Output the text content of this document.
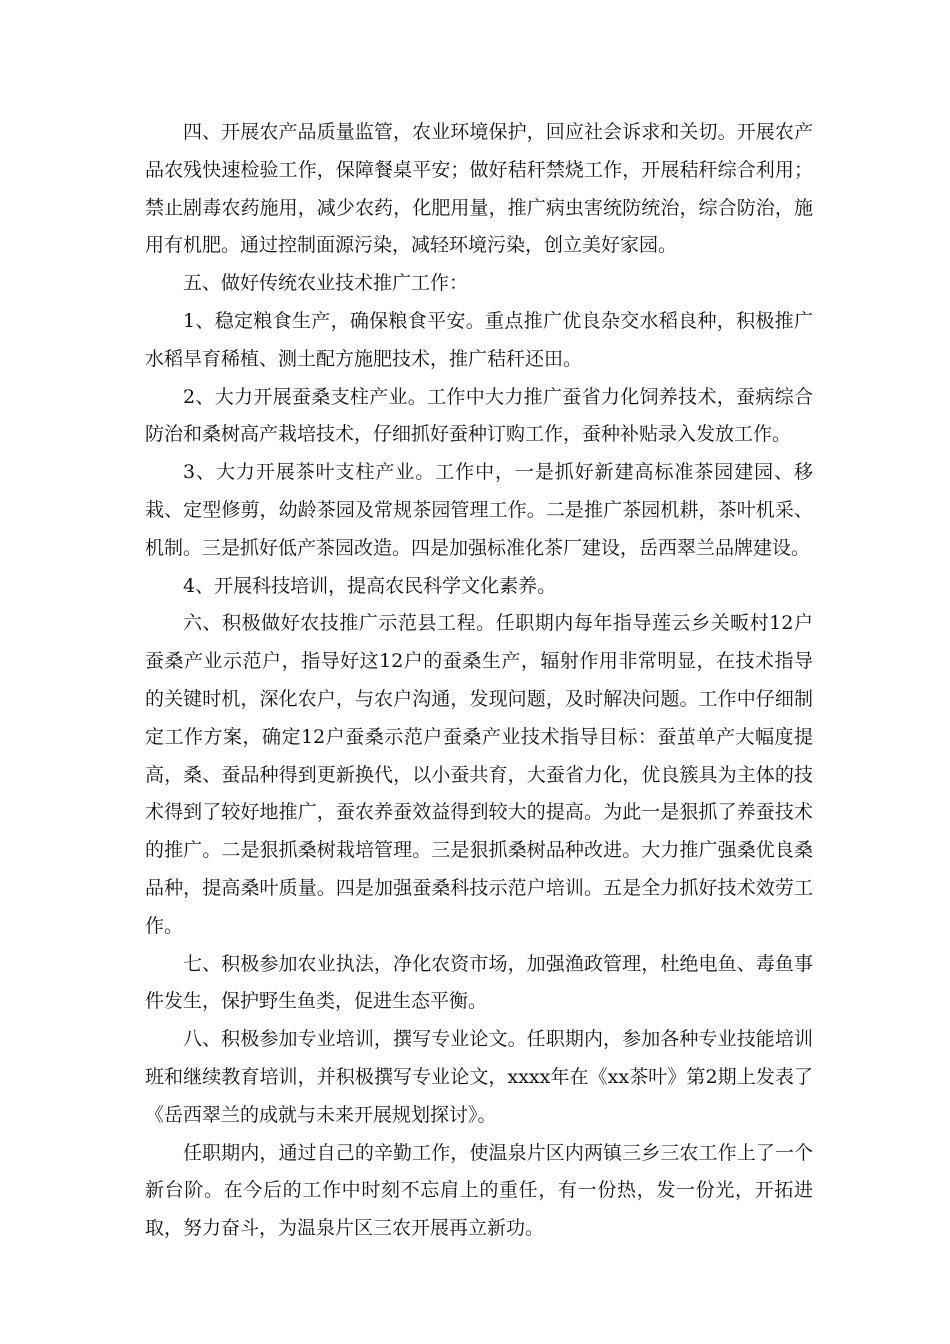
四、开展农产品质量监管，农业环境保护，回应社会诉求和关切。开展农产品农残快速检验工作，保障餐桌平安；做好秸秆禁烧工作，开展秸秆综合利用；禁止剧毒农药施用，减少农药，化肥用量，推广病虫害统防统治，综合防治，施用有机肥。通过控制面源污染，减轻环境污染，创立美好家园。

五、做好传统农业技术推广工作：

1、稳定粮食生产，确保粮食平安。重点推广优良杂交水稻良种，积极推广水稻旱育稀植、测土配方施肥技术，推广秸秆还田。

2、大力开展蚕桑支柱产业。工作中大力推广蚕省力化饲养技术，蚕病综合防治和桑树高产栽培技术，仔细抓好蚕种订购工作，蚕种补贴录入发放工作。

3、大力开展茶叶支柱产业。工作中，一是抓好新建高标准茶园建园、移栽、定型修剪，幼龄茶园及常规茶园管理工作。二是推广茶园机耕，茶叶机采、机制。三是抓好低产茶园改造。四是加强标准化茶厂建设，岳西翠兰品牌建设。

4、开展科技培训，提高农民科学文化素养。

六、积极做好农技推广示范县工程。任职期内每年指导莲云乡关畈村12户蚕桑产业示范户，指导好这12户的蚕桑生产，辐射作用非常明显，在技术指导的关键时机，深化农户，与农户沟通，发现问题，及时解决问题。工作中仔细制定工作方案，确定12户蚕桑示范户蚕桑产业技术指导目标：蚕茧单产大幅度提高，桑、蚕品种得到更新换代，以小蚕共育，大蚕省力化，优良簇具为主体的技术得到了较好地推广，蚕农养蚕效益得到较大的提高。为此一是狠抓了养蚕技术的推广。二是狠抓桑树栽培管理。三是狠抓桑树品种改进。大力推广强桑优良桑品种，提高桑叶质量。四是加强蚕桑科技示范户培训。五是全力抓好技术效劳工作。

七、积极参加农业执法，净化农资市场，加强渔政管理，杜绝电鱼、毒鱼事件发生，保护野生鱼类，促进生态平衡。

八、积极参加专业培训，撰写专业论文。任职期内，参加各种专业技能培训班和继续教育培训，并积极撰写专业论文，xxxx年在《xx茶叶》第2期上发表了《岳西翠兰的成就与未来开展规划探讨》。

任职期内，通过自己的辛勤工作，使温泉片区内两镇三乡三农工作上了一个新台阶。在今后的工作中时刻不忘肩上的重任，有一份热，发一份光，开拓进取，努力奋斗，为温泉片区三农开展再立新功。
